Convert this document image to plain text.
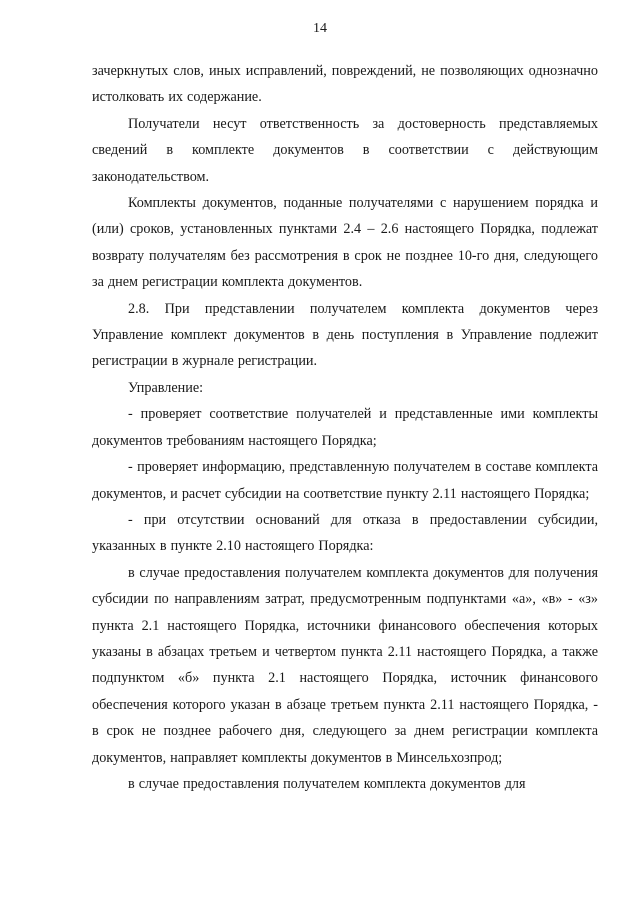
14

зачеркнутых слов, иных исправлений, повреждений, не позволяющих однозначно истолковать их содержание.

Получатели несут ответственность за достоверность представляемых сведений в комплекте документов в соответствии с действующим законодательством.

Комплекты документов, поданные получателями с нарушением порядка и (или) сроков, установленных пунктами 2.4 – 2.6 настоящего Порядка, подлежат возврату получателям без рассмотрения в срок не позднее 10-го дня, следующего за днем регистрации комплекта документов.

2.8. При представлении получателем комплекта документов через Управление комплект документов в день поступления в Управление подлежит регистрации в журнале регистрации.

Управление:

- проверяет соответствие получателей и представленные ими комплекты документов требованиям настоящего Порядка;

- проверяет информацию, представленную получателем в составе комплекта документов, и расчет субсидии на соответствие пункту 2.11 настоящего Порядка;

- при отсутствии оснований для отказа в предоставлении субсидии, указанных в пункте 2.10 настоящего Порядка:

в случае предоставления получателем комплекта документов для получения субсидии по направлениям затрат, предусмотренным подпунктами «а», «в» - «з» пункта 2.1 настоящего Порядка, источники финансового обеспечения которых указаны в абзацах третьем и четвертом пункта 2.11 настоящего Порядка, а также подпунктом «б» пункта 2.1 настоящего Порядка, источник финансового обеспечения которого указан в абзаце третьем пункта 2.11 настоящего Порядка, - в срок не позднее рабочего дня, следующего за днем регистрации комплекта документов, направляет комплекты документов в Минсельхозпрод;

в случае предоставления получателем комплекта документов для
